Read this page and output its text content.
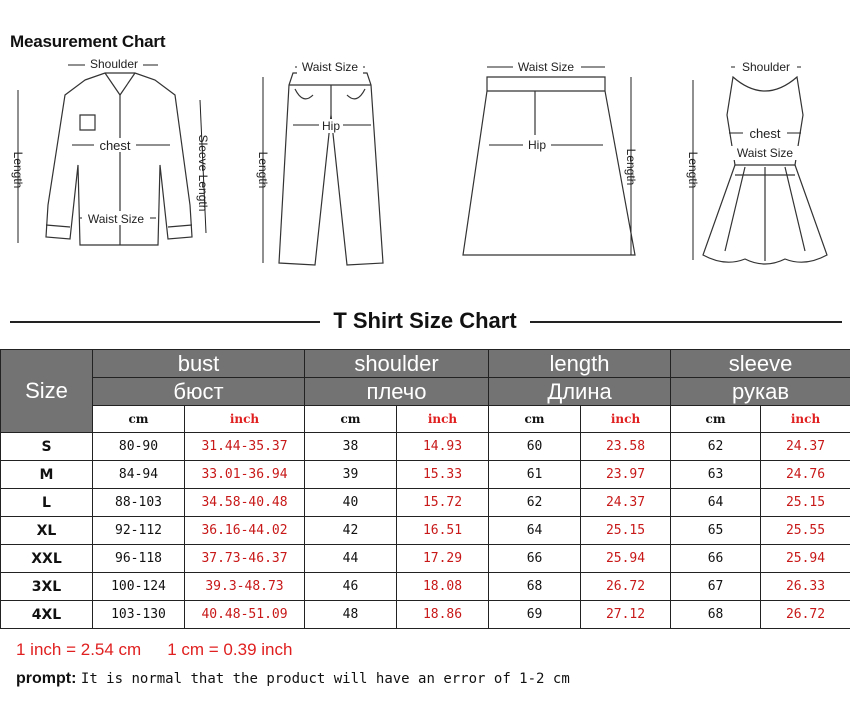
Measurement Chart
Shoulder
chest
Waist Size
Length	Sleeve Length
Waist Size
Hip
Length
Waist Size
Hip
Length
Shoulder
chest
Waist Size
Length
T Shirt Size Chart
Size	bust		shoulder		length		sleeve	
	бюст		плечо		Длина		рукав	
	cm	inch	cm	inch	cm	inch	cm	inch
S	80-90	31.44-35.37	38	14.93	60	23.58	62	24.37
M	84-94	33.01-36.94	39	15.33	61	23.97	63	24.76
L	88-103	34.58-40.48	40	15.72	62	24.37	64	25.15
XL	92-112	36.16-44.02	42	16.51	64	25.15	65	25.55
XXL	96-118	37.73-46.37	44	17.29	66	25.94	66	25.94
3XL	100-124	39.3-48.73	46	18.08	68	26.72	67	26.33
4XL	103-130	40.48-51.09	48	18.86	69	27.12	68	26.72
1 inch = 2.54 cm 1 cm = 0.39 inch
prompt: It is normal that the product will have an error of 1-2 cm
